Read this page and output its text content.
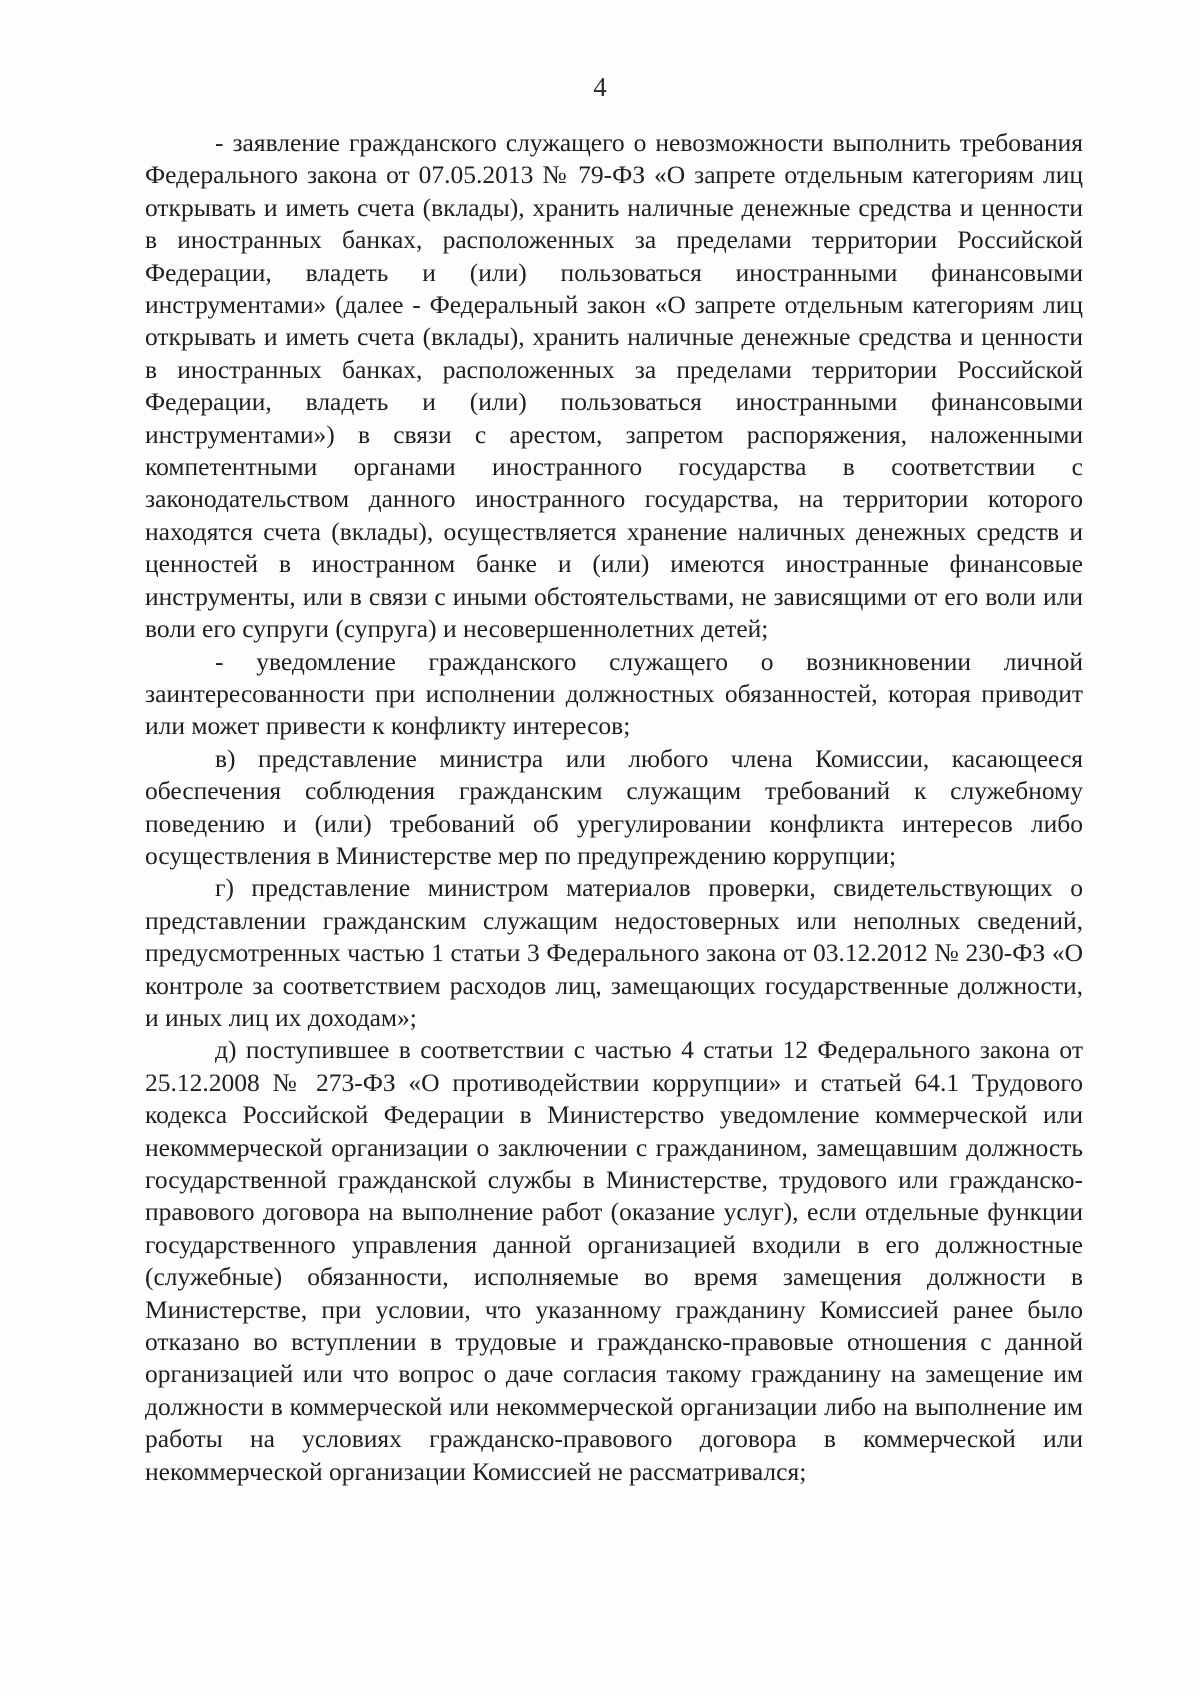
4

- заявление гражданского служащего о невозможности выполнить требования Федерального закона от 07.05.2013 № 79-ФЗ «О запрете отдельным категориям лиц открывать и иметь счета (вклады), хранить наличные денежные средства и ценности в иностранных банках, расположенных за пределами территории Российской Федерации, владеть и (или) пользоваться иностранными финансовыми инструментами» (далее - Федеральный закон «О запрете отдельным категориям лиц открывать и иметь счета (вклады), хранить наличные денежные средства и ценности в иностранных банках, расположенных за пределами территории Российской Федерации, владеть и (или) пользоваться иностранными финансовыми инструментами») в связи с арестом, запретом распоряжения, наложенными компетентными органами иностранного государства в соответствии с законодательством данного иностранного государства, на территории которого находятся счета (вклады), осуществляется хранение наличных денежных средств и ценностей в иностранном банке и (или) имеются иностранные финансовые инструменты, или в связи с иными обстоятельствами, не зависящими от его воли или воли его супруги (супруга) и несовершеннолетних детей;

- уведомление гражданского служащего о возникновении личной заинтересованности при исполнении должностных обязанностей, которая приводит или может привести к конфликту интересов;

в) представление министра или любого члена Комиссии, касающееся обеспечения соблюдения гражданским служащим требований к служебному поведению и (или) требований об урегулировании конфликта интересов либо осуществления в Министерстве мер по предупреждению коррупции;

г) представление министром материалов проверки, свидетельствующих о представлении гражданским служащим недостоверных или неполных сведений, предусмотренных частью 1 статьи 3 Федерального закона от 03.12.2012 № 230-ФЗ «О контроле за соответствием расходов лиц, замещающих государственные должности, и иных лиц их доходам»;

д) поступившее в соответствии с частью 4 статьи 12 Федерального закона от 25.12.2008 № 273-ФЗ «О противодействии коррупции» и статьей 64.1 Трудового кодекса Российской Федерации в Министерство уведомление коммерческой или некоммерческой организации о заключении с гражданином, замещавшим должность государственной гражданской службы в Министерстве, трудового или гражданско-правового договора на выполнение работ (оказание услуг), если отдельные функции государственного управления данной организацией входили в его должностные (служебные) обязанности, исполняемые во время замещения должности в Министерстве, при условии, что указанному гражданину Комиссией ранее было отказано во вступлении в трудовые и гражданско-правовые отношения с данной организацией или что вопрос о даче согласия такому гражданину на замещение им должности в коммерческой или некоммерческой организации либо на выполнение им работы на условиях гражданско-правового договора в коммерческой или некоммерческой организации Комиссией не рассматривался;
